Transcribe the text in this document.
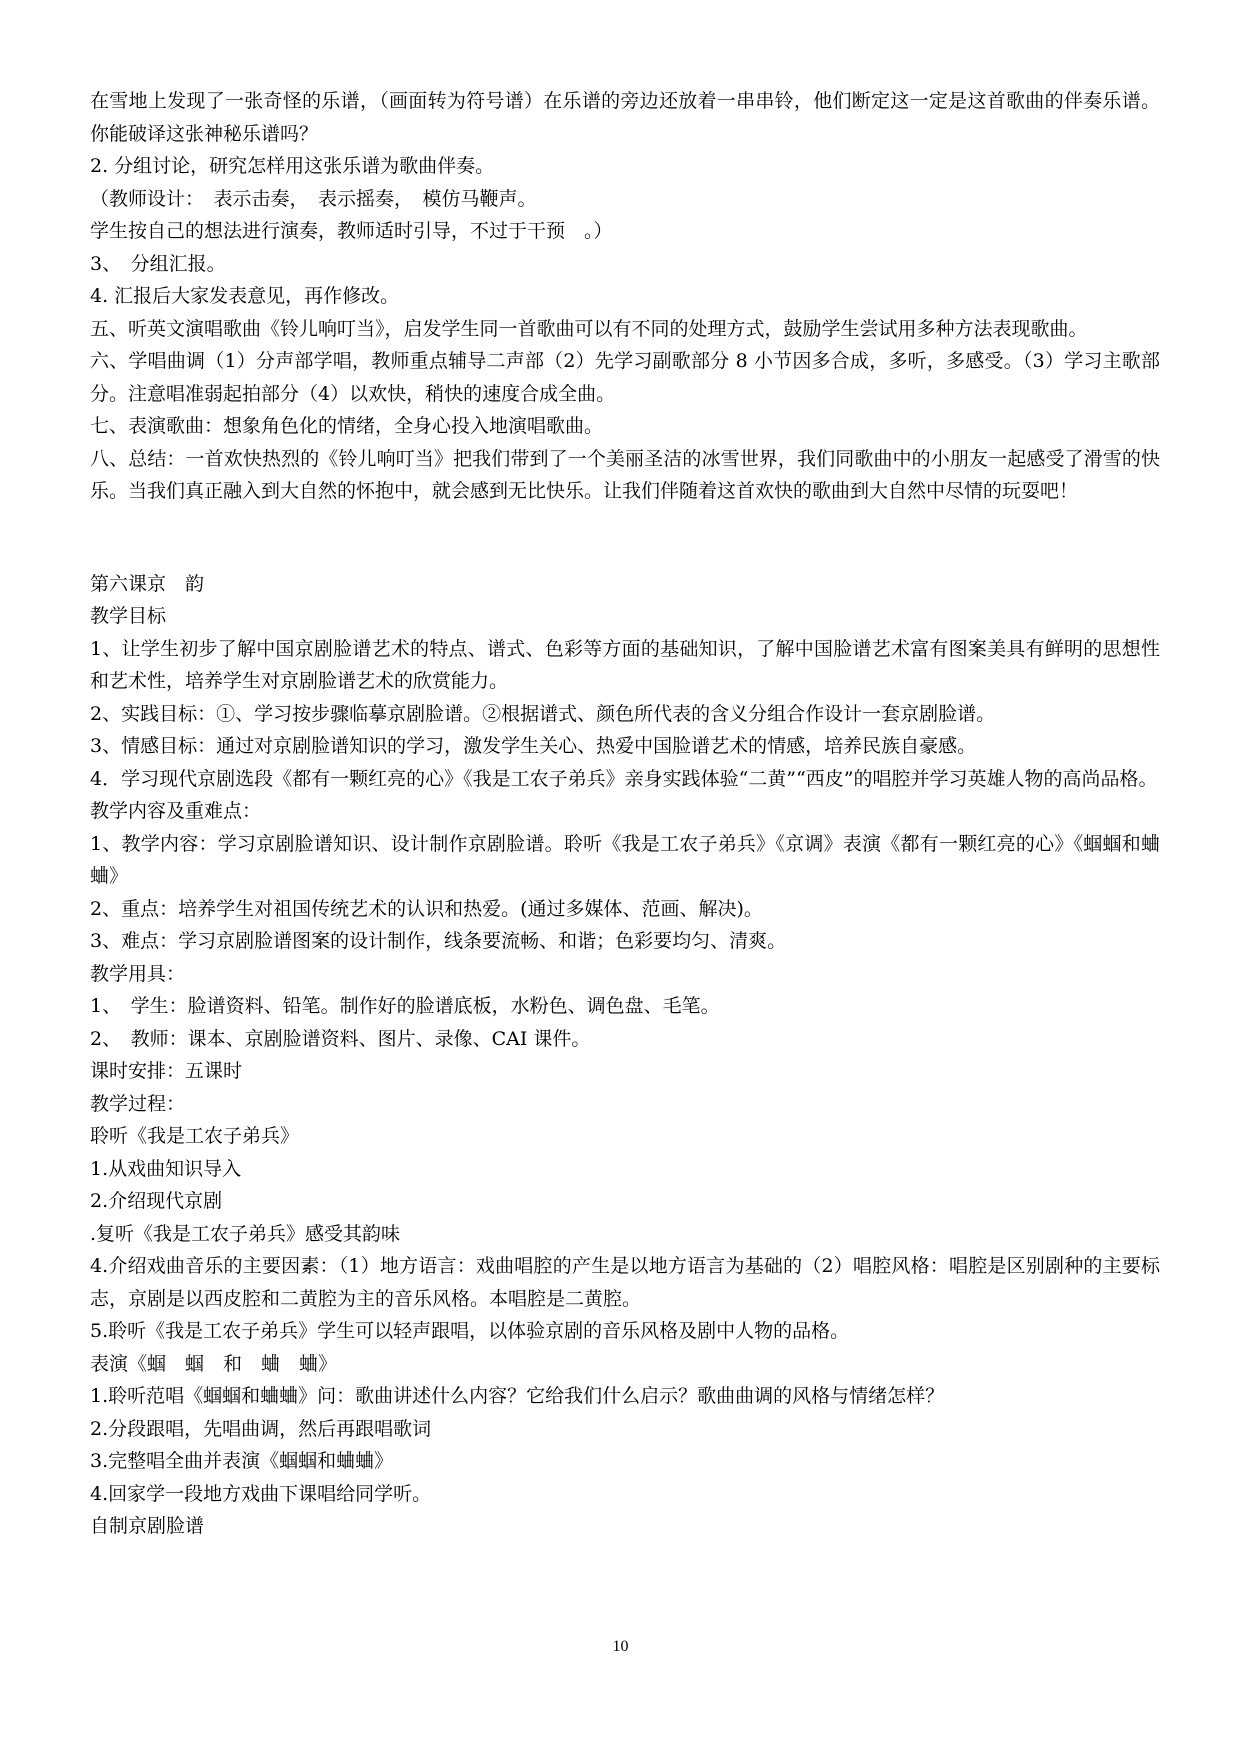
在雪地上发现了一张奇怪的乐谱，（画面转为符号谱）在乐谱的旁边还放着一串串铃，他们断定这一定是这首歌曲的伴奏乐谱。你能破译这张神秘乐谱吗？

2. 分组讨论，研究怎样用这张乐谱为歌曲伴奏。

（教师设计：　表示击奏，　表示摇奏，　模仿马鞭声。

学生按自己的想法进行演奏，教师适时引导，不过于干预　。）

3、　分组汇报。

4. 汇报后大家发表意见，再作修改。

五、听英文演唱歌曲《铃儿响叮当》，启发学生同一首歌曲可以有不同的处理方式，鼓励学生尝试用多种方法表现歌曲。

六、学唱曲调（1）分声部学唱，教师重点辅导二声部（2）先学习副歌部分 8 小节因多合成，多听，多感受。（3）学习主歌部分。注意唱准弱起拍部分（4）以欢快，稍快的速度合成全曲。

七、表演歌曲：想象角色化的情绪，全身心投入地演唱歌曲。

八、总结：一首欢快热烈的《铃儿响叮当》把我们带到了一个美丽圣洁的冰雪世界，我们同歌曲中的小朋友一起感受了滑雪的快乐。当我们真正融入到大自然的怀抱中，就会感到无比快乐。让我们伴随着这首欢快的歌曲到大自然中尽情的玩耍吧！

第六课京　韵

教学目标

1、让学生初步了解中国京剧脸谱艺术的特点、谱式、色彩等方面的基础知识，了解中国脸谱艺术富有图案美具有鲜明的思想性和艺术性，培养学生对京剧脸谱艺术的欣赏能力。

2、实践目标：①、学习按步骤临摹京剧脸谱。②根据谱式、颜色所代表的含义分组合作设计一套京剧脸谱。

3、情感目标：通过对京剧脸谱知识的学习，激发学生关心、热爱中国脸谱艺术的情感，培养民族自豪感。

4．学习现代京剧选段《都有一颗红亮的心》《我是工农子弟兵》亲身实践体验“二黄”“西皮”的唱腔并学习英雄人物的高尚品格。

教学内容及重难点：

1、教学内容：学习京剧脸谱知识、设计制作京剧脸谱。聆听《我是工农子弟兵》《京调》表演《都有一颗红亮的心》《蝈蝈和蛐蛐》

2、重点：培养学生对祖国传统艺术的认识和热爱。(通过多媒体、范画、解决)。

3、难点：学习京剧脸谱图案的设计制作，线条要流畅、和谐；色彩要均匀、清爽。

教学用具：

1、　学生：脸谱资料、铅笔。制作好的脸谱底板，水粉色、调色盘、毛笔。

2、　教师：课本、京剧脸谱资料、图片、录像、CAI 课件。

课时安排：五课时

教学过程：

聆听《我是工农子弟兵》

1.从戏曲知识导入

2.介绍现代京剧

.复听《我是工农子弟兵》感受其韵味

4.介绍戏曲音乐的主要因素：（1）地方语言：戏曲唱腔的产生是以地方语言为基础的（2）唱腔风格：唱腔是区别剧种的主要标志，京剧是以西皮腔和二黄腔为主的音乐风格。本唱腔是二黄腔。

5.聆听《我是工农子弟兵》学生可以轻声跟唱，以体验京剧的音乐风格及剧中人物的品格。

表演《蝈　蝈　和　蛐　蛐》

1.聆听范唱《蝈蝈和蛐蛐》问：歌曲讲述什么内容？它给我们什么启示？歌曲曲调的风格与情绪怎样？

2.分段跟唱，先唱曲调，然后再跟唱歌词

3.完整唱全曲并表演《蝈蝈和蛐蛐》

4.回家学一段地方戏曲下课唱给同学听。

自制京剧脸谱

10
